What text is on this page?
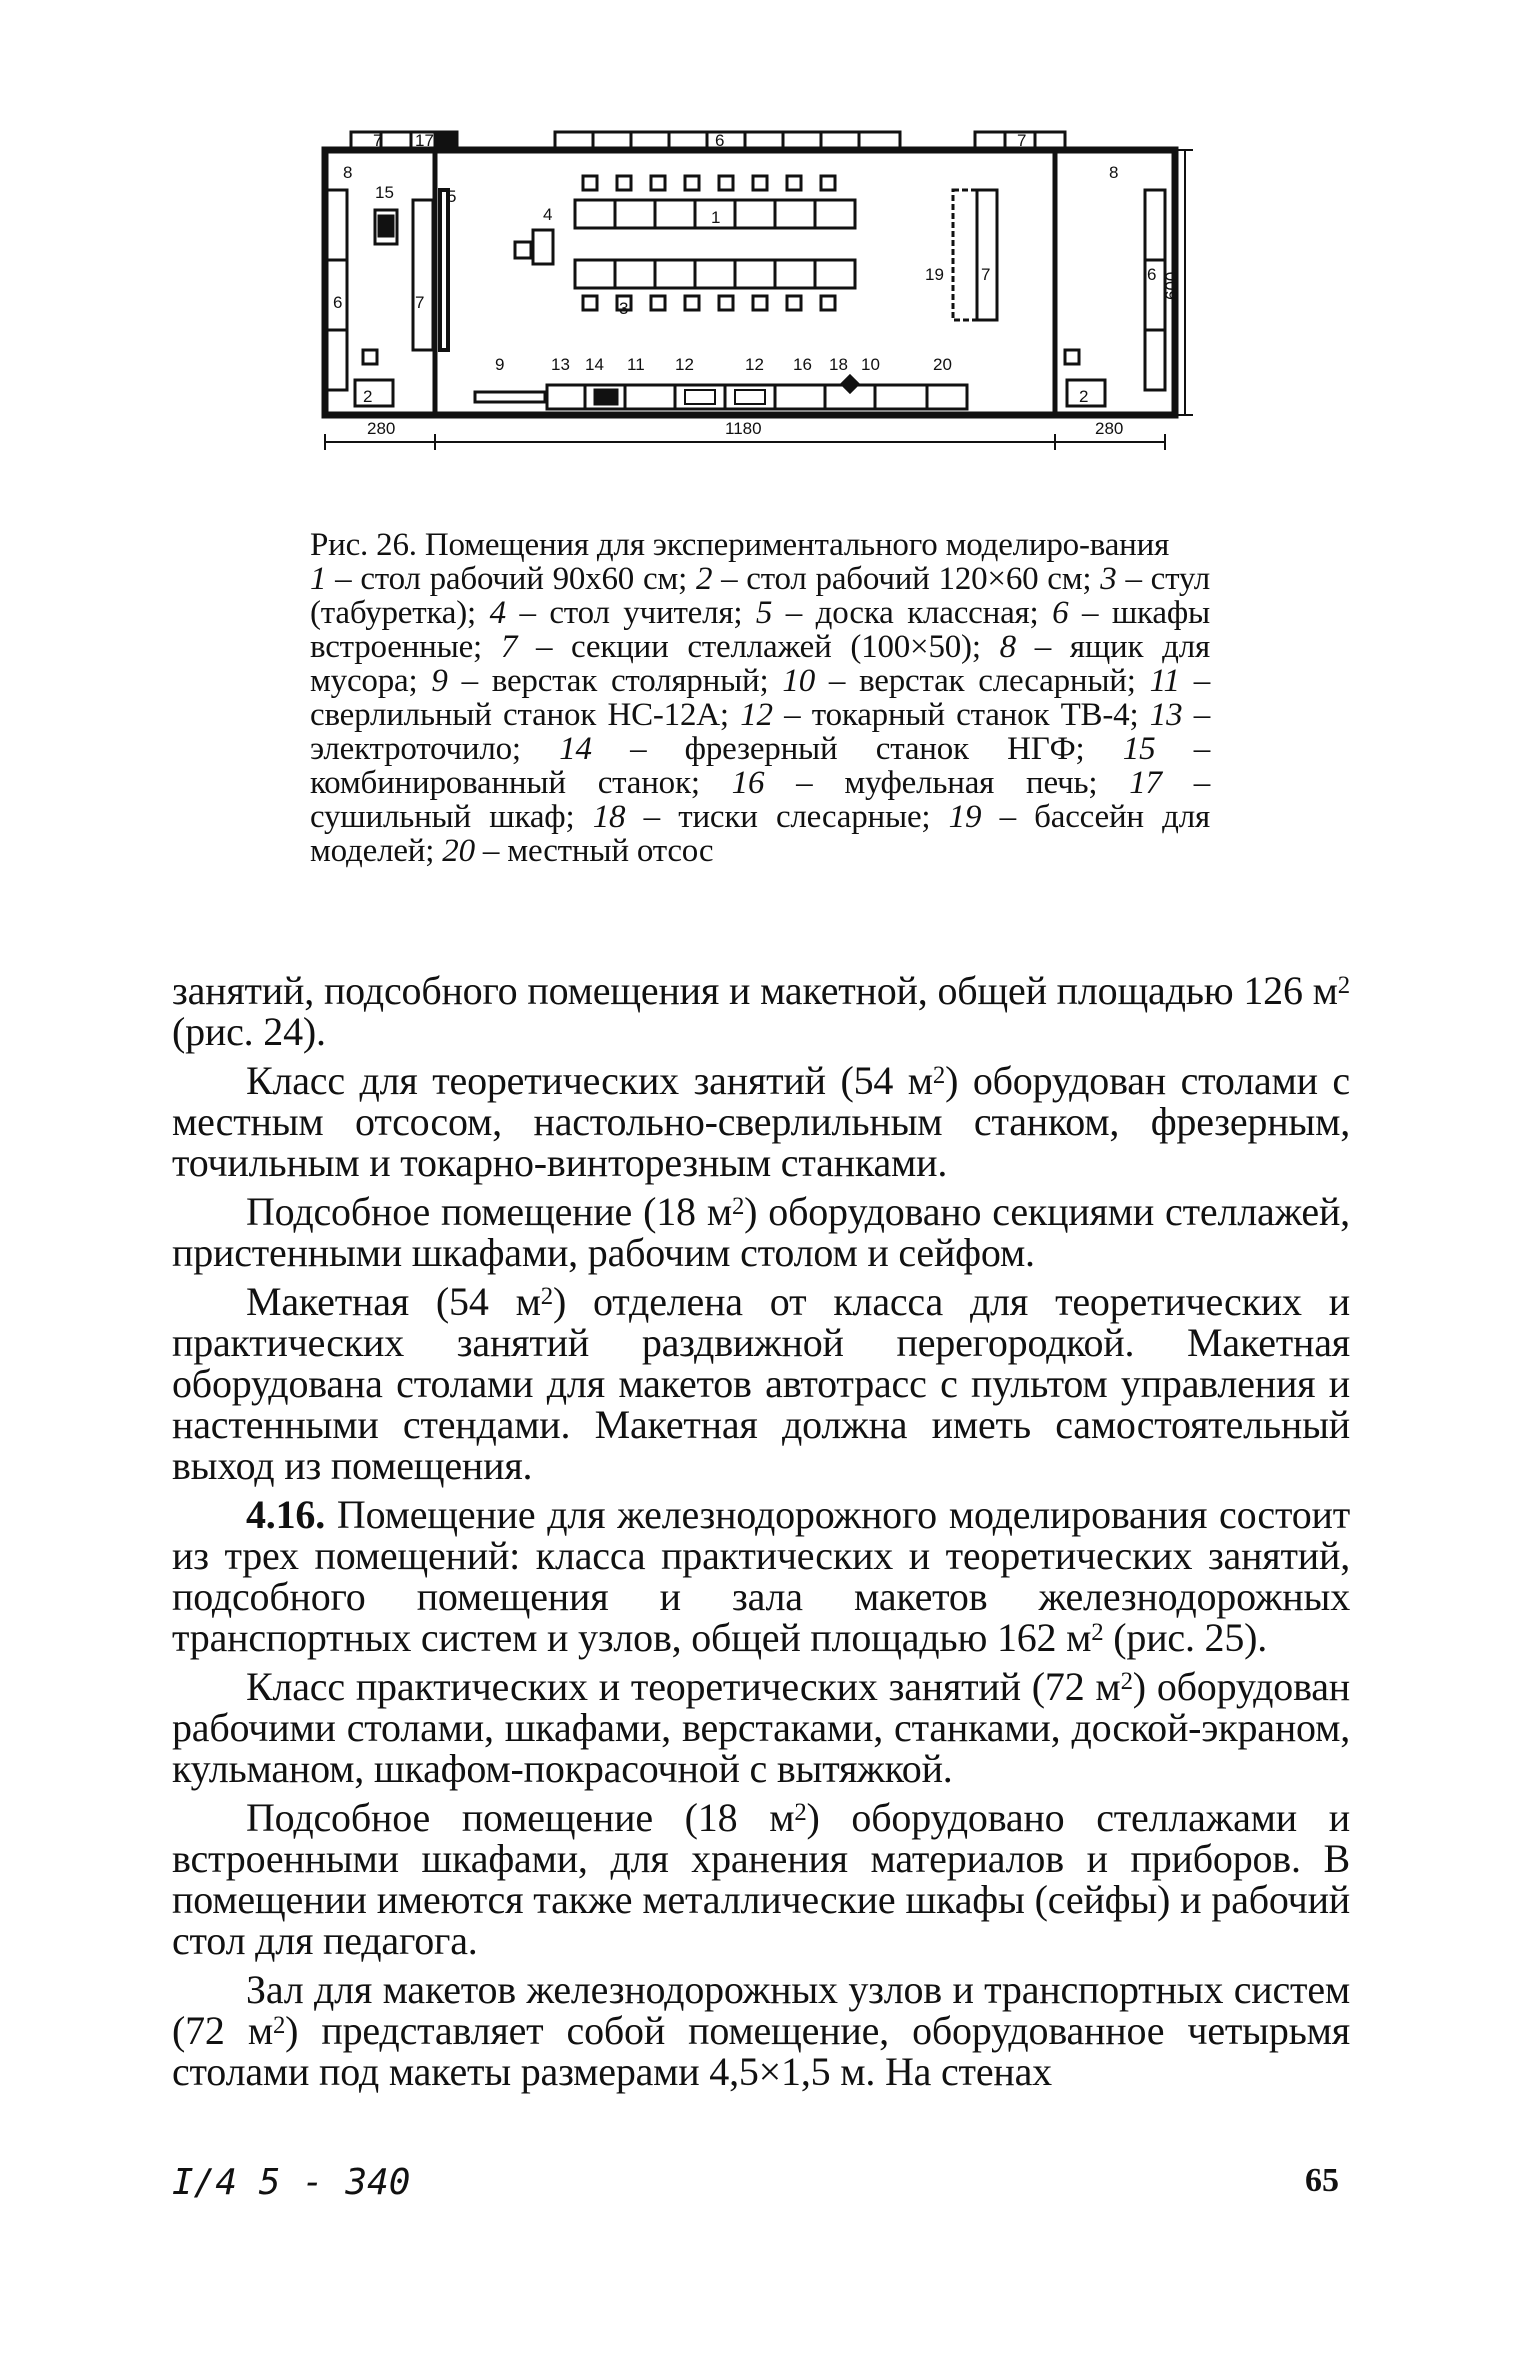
7 17	6	7
8	8
15	5
4	1
19
6	7
7	6
3
9	13 14 11 12	12 16 18 10	20
2	2
280	1180	280
600
Рис. 26. Помещения для экспериментального моделиро-вания
1 – стол рабочий 90х60 см; 2 – стол рабочий 120×60 см; 3 – стул (табуретка); 4 – стол учителя; 5 – доска классная; 6 – шкафы встроенные; 7 – секции стеллажей (100×50); 8 – ящик для мусора; 9 – верстак столярный; 10 – верстак слесарный; 11 – сверлильный станок НС-12А; 12 – токарный станок ТВ-4; 13 – электроточило; 14 – фрезерный станок НГФ; 15 – комбинированный станок; 16 – муфельная печь; 17 – сушильный шкаф; 18 – тиски слесарные; 19 – бассейн для моделей; 20 – местный отсос

занятий, подсобного помещения и макетной, общей площадью 126 $м^2$ (рис. 24).

Класс для теоретических занятий (54 $м^2$) оборудован столами с местным отсосом, настольно-сверлильным станком, фрезерным, точильным и токарно-винторезным станками.

Подсобное помещение (18 $м^2$) оборудовано секциями стеллажей, пристенными шкафами, рабочим столом и сейфом.

Макетная (54 $м^2$) отделена от класса для теоретических и практических занятий раздвижной перегородкой. Макетная оборудована столами для макетов автотрасс с пультом управления и настенными стендами. Макетная должна иметь самостоятельный выход из помещения.

4.16. Помещение для железнодорожного моделирования состоит из трех помещений: класса практических и теоретических занятий, подсобного помещения и зала макетов железнодорожных транспортных систем и узлов, общей площадью 162 $м^2$ (рис. 25).

Класс практических и теоретических занятий (72 $м^2$) оборудован рабочими столами, шкафами, верстаками, станками, доской-экраном, кульманом, шкафом-покрасочной с вытяжкой.

Подсобное помещение (18 $м^2$) оборудовано стеллажами и встроенными шкафами, для хранения материалов и приборов. В помещении имеются также металлические шкафы (сейфы) и рабочий стол для педагога.

Зал для макетов железнодорожных узлов и транспортных систем (72 $м^2$) представляет собой помещение, оборудованное четырьмя столами под макеты размерами 4,5×1,5 м. На стенах

I/4 5 - 340	65
